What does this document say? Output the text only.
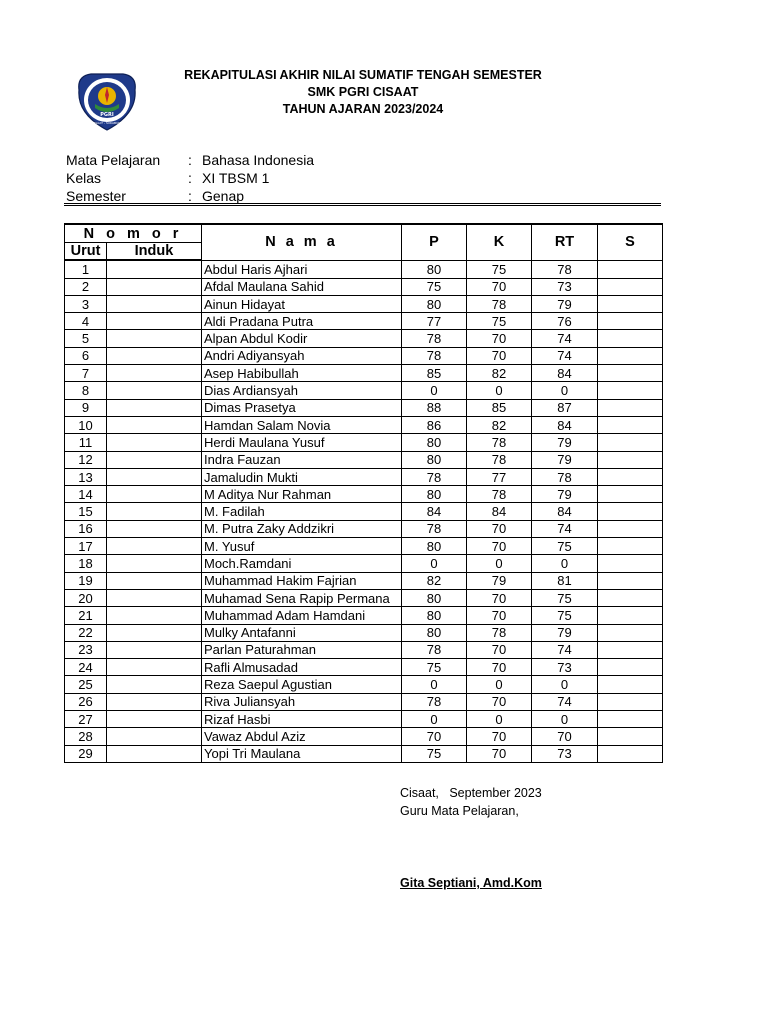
PGRI
CISAAT - SUKABUMI
REKAPITULASI AKHIR NILAI SUMATIF TENGAH SEMESTER
SMK PGRI CISAAT
TAHUN AJARAN 2023/2024
Mata Pelajaran	: Bahasa Indonesia
Kelas	: XI TBSM 1
Semester	: Genap
N o m o r		N a m a	P	K	RT	S
Urut	Induk					
1		Abdul Haris Ajhari	80	75	78	
2		Afdal Maulana Sahid	75	70	73	
3		Ainun Hidayat	80	78	79	
4		Aldi Pradana Putra	77	75	76	
5		Alpan Abdul Kodir	78	70	74	
6		Andri Adiyansyah	78	70	74	
7		Asep Habibullah	85	82	84	
8		Dias Ardiansyah	0	0	0	
9		Dimas Prasetya	88	85	87	
10		Hamdan Salam Novia	86	82	84	
11		Herdi Maulana Yusuf	80	78	79	
12		Indra Fauzan	80	78	79	
13		Jamaludin Mukti	78	77	78	
14		M Aditya Nur Rahman	80	78	79	
15		M. Fadilah	84	84	84	
16		M. Putra Zaky Addzikri	78	70	74	
17		M. Yusuf	80	70	75	
18		Moch.Ramdani	0	0	0	
19		Muhammad Hakim Fajrian	82	79	81	
20		Muhamad Sena Rapip Permana	80	70	75	
21		Muhammad Adam Hamdani	80	70	75	
22		Mulky Antafanni	80	78	79	
23		Parlan Paturahman	78	70	74	
24		Rafli Almusadad	75	70	73	
25		Reza Saepul Agustian	0	0	0	
26		Riva Juliansyah	78	70	74	
27		Rizaf Hasbi	0	0	0	
28		Vawaz Abdul Aziz	70	70	70	
29		Yopi Tri Maulana	75	70	73	
Cisaat,   September 2023
Guru Mata Pelajaran,
Gita Septiani, Amd.Kom
